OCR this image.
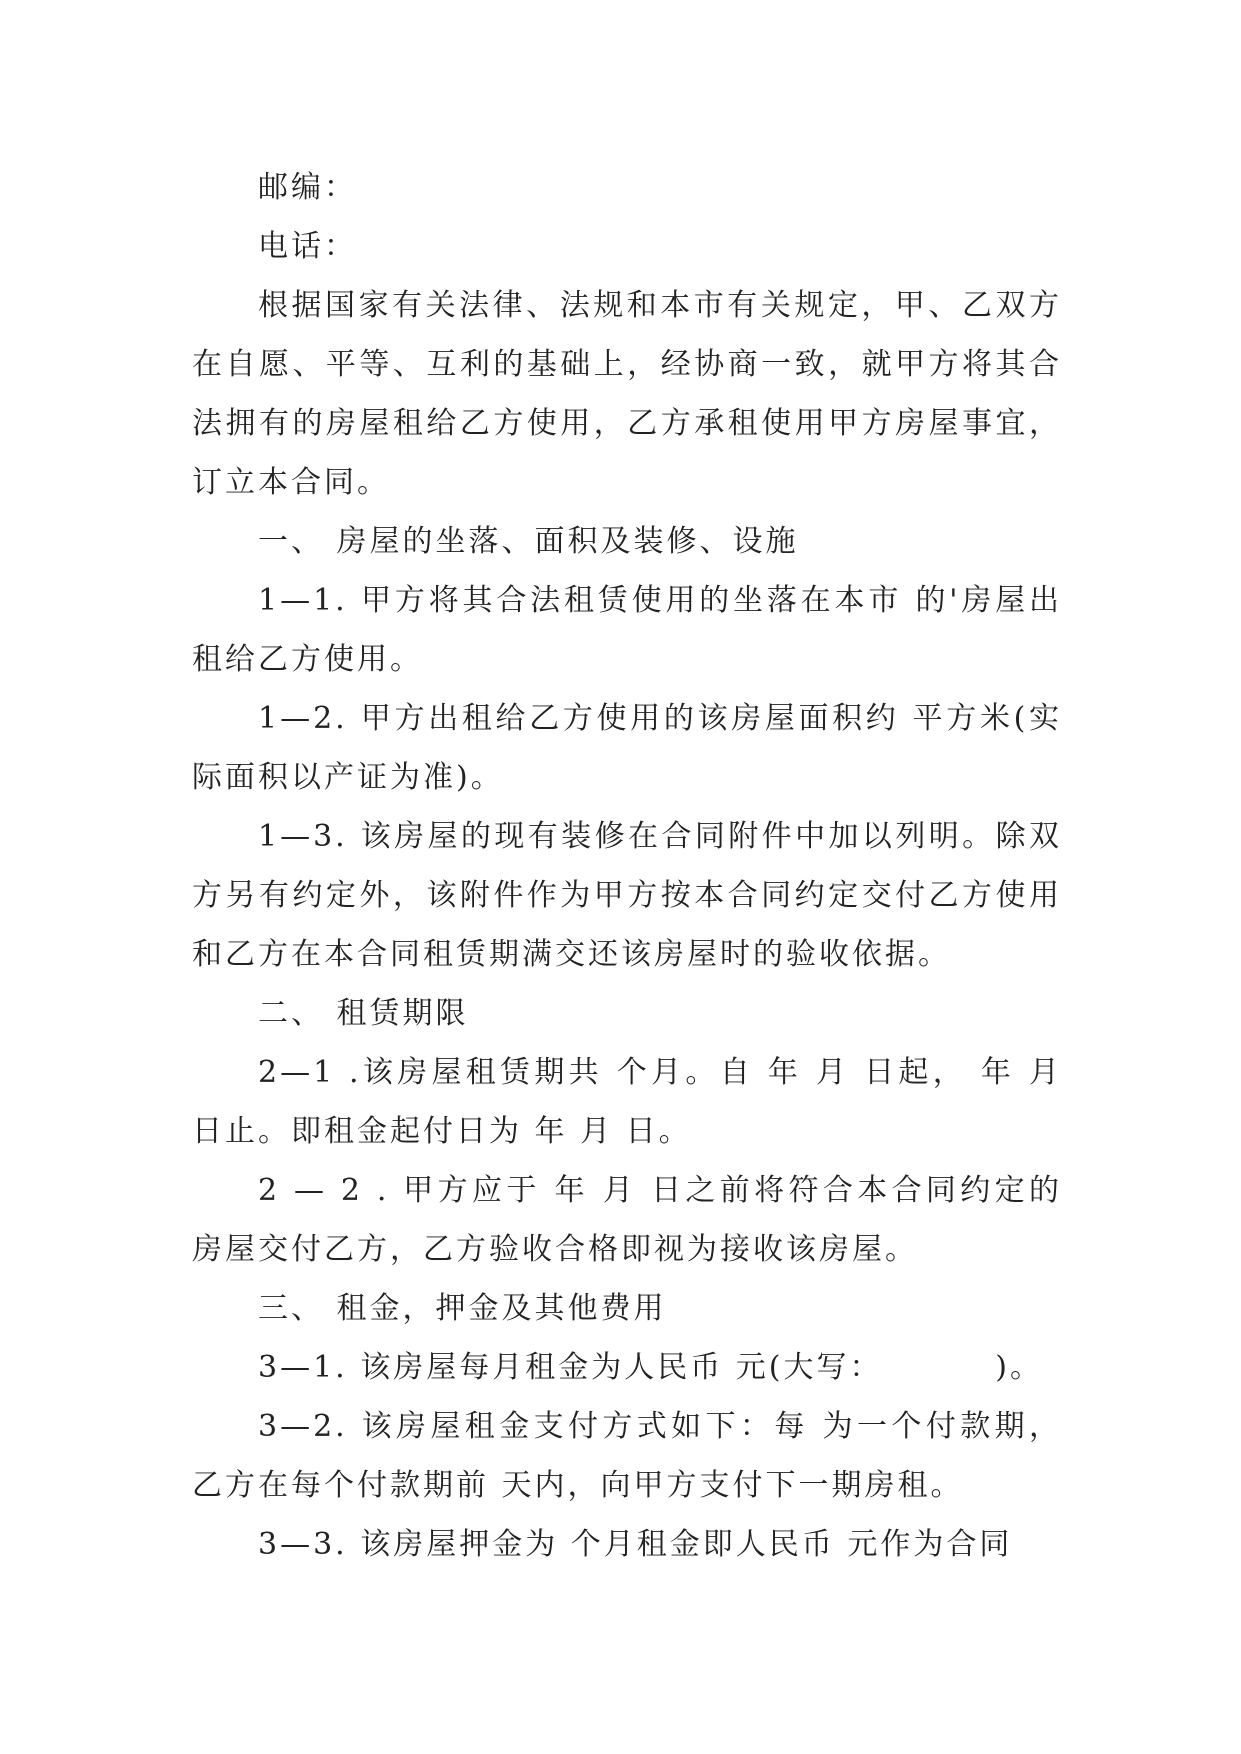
邮编：

电话：

根据国家有关法律、法规和本市有关规定，甲、乙双方在自愿、平等、互利的基础上，经协商一致，就甲方将其合法拥有的房屋租给乙方使用，乙方承租使用甲方房屋事宜，订立本合同。

一、 房屋的坐落、面积及装修、设施

1—1. 甲方将其合法租赁使用的坐落在本市 的'房屋出租给乙方使用。

1—2. 甲方出租给乙方使用的该房屋面积约 平方米(实际面积以产证为准)。

1—3. 该房屋的现有装修在合同附件中加以列明。除双方另有约定外，该附件作为甲方按本合同约定交付乙方使用和乙方在本合同租赁期满交还该房屋时的验收依据。

二、 租赁期限

2—1 .该房屋租赁期共 个月。自 年 月 日起， 年 月 日止。即租金起付日为 年 月 日。

2 — 2 . 甲方应于 年 月 日之前将符合本合同约定的房屋交付乙方，乙方验收合格即视为接收该房屋。

三、 租金，押金及其他费用

3—1. 该房屋每月租金为人民币 元(大写：         )。

3—2. 该房屋租金支付方式如下：每 为一个付款期，乙方在每个付款期前 天内，向甲方支付下一期房租。

3—3. 该房屋押金为 个月租金即人民币 元作为合同
